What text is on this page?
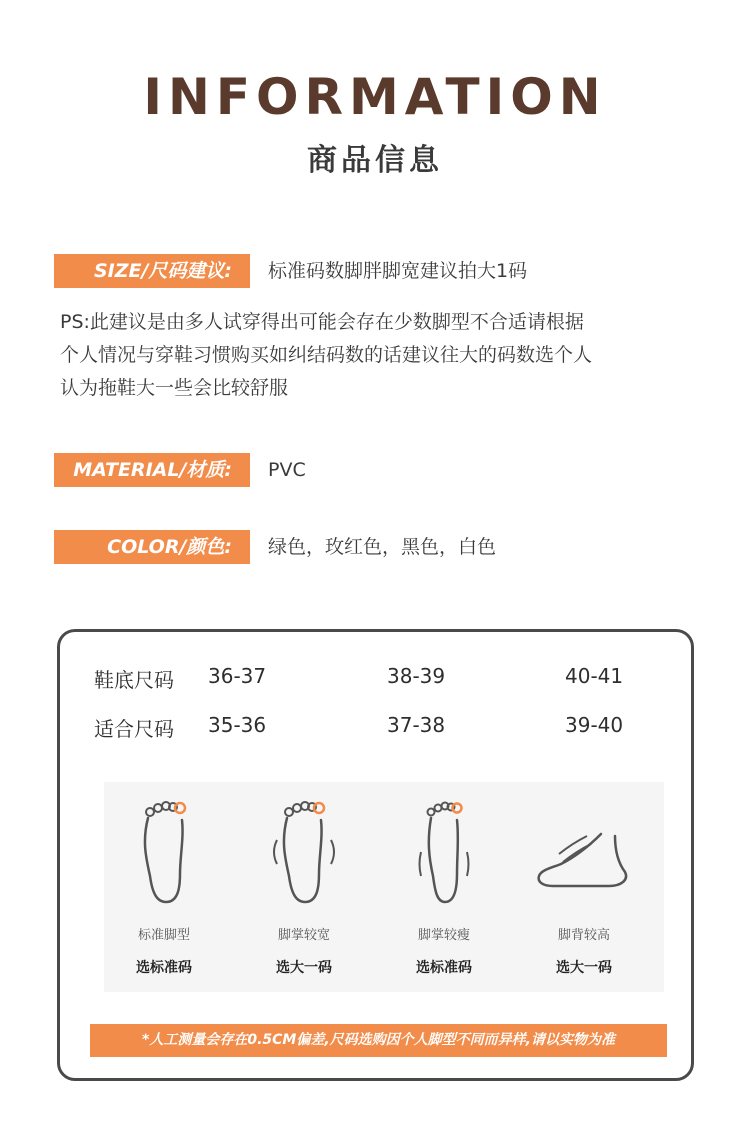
INFORMATION
商品信息
SIZE/尺码建议:	标准码数脚胖脚宽建议拍大1码
PS:此建议是由多人试穿得出可能会存在少数脚型不合适请根据
个人情况与穿鞋习惯购买如纠结码数的话建议往大的码数选个人
认为拖鞋大一些会比较舒服
MATERIAL/材质:	PVC
COLOR/颜色:	绿色，玫红色，黑色，白色
鞋底尺码 36-37	38-39	40-41
适合尺码 35-36	37-38	39-40
标准脚型
选标准码
脚掌较宽
选大一码
脚掌较瘦
选标准码
脚背较高
选大一码
*人工测量会存在0.5CM偏差,尺码选购因个人脚型不同而异样,请以实物为准
